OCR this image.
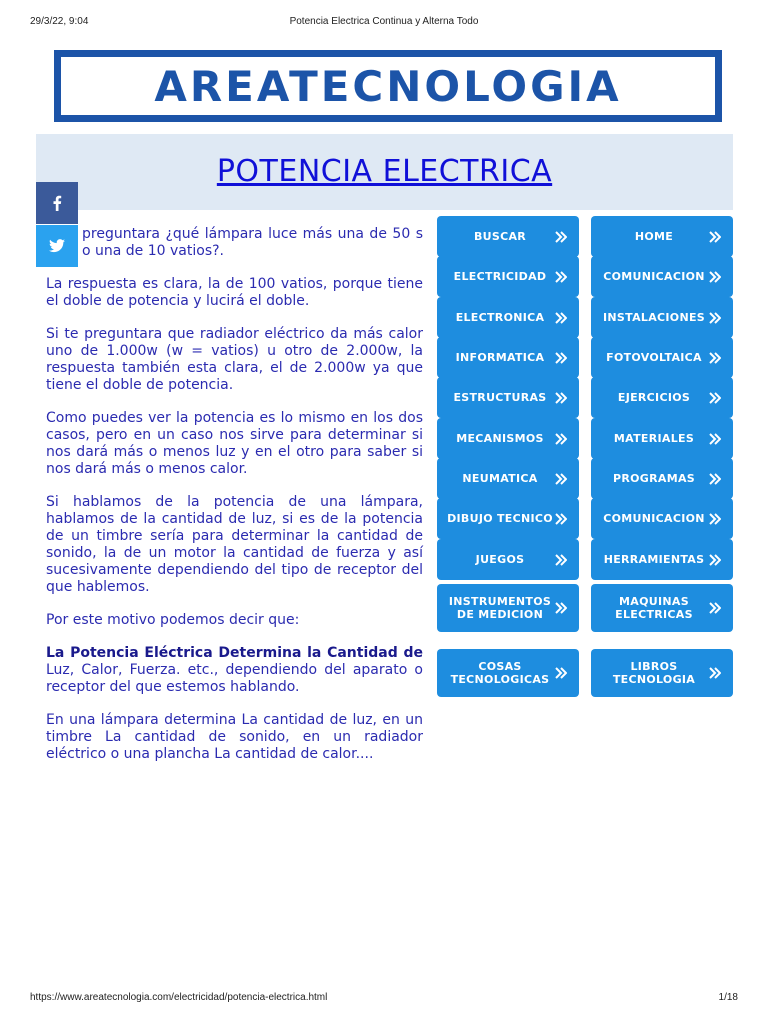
29/3/22, 9:04	Potencia Electrica Continua y Alterna Todo
AREATECNOLOGIA
POTENCIA ELECTRICA

preguntara ¿qué lámpara luce más una de 50 s o una de 10 vatios?.

La respuesta es clara, la de 100 vatios, porque tiene el doble de potencia y lucirá el doble.

Si te preguntara que radiador eléctrico da más calor uno de 1.000w (w = vatios) u otro de 2.000w, la respuesta también esta clara, el de 2.000w ya que tiene el doble de potencia.

Como puedes ver la potencia es lo mismo en los dos casos, pero en un caso nos sirve para determinar si nos dará más o menos luz y en el otro para saber si nos dará más o menos calor.

Si hablamos de la potencia de una lámpara, hablamos de la cantidad de luz, si es de la potencia de un timbre sería para determinar la cantidad de sonido, la de un motor la cantidad de fuerza y así sucesivamente dependiendo del tipo de receptor del que hablemos.

Por este motivo podemos decir que:

La Potencia Eléctrica Determina la Cantidad de Luz, Calor, Fuerza. etc., dependiendo del aparato o receptor del que estemos hablando.

En una lámpara determina La cantidad de luz, en un timbre La cantidad de sonido, en un radiador eléctrico o una plancha La cantidad de calor....

BUSCAR
ELECTRICIDAD
ELECTRONICA
INFORMATICA
ESTRUCTURAS
MECANISMOS
NEUMATICA
DIBUJO TECNICO
JUEGOS
INSTRUMENTOS DE MEDICION
COSAS TECNOLOGICAS
HOME
COMUNICACION
INSTALACIONES
FOTOVOLTAICA
EJERCICIOS
MATERIALES
PROGRAMAS
COMUNICACION
HERRAMIENTAS
MAQUINAS ELECTRICAS
LIBROS TECNOLOGIA
https://www.areatecnologia.com/electricidad/potencia-electrica.html	1/18
